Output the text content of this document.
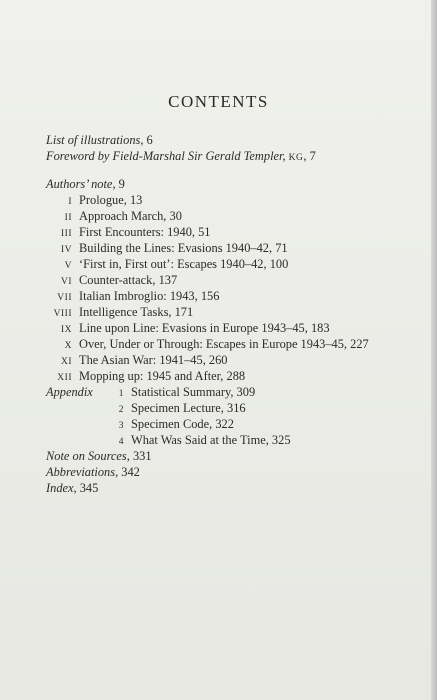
CONTENTS
List of illustrations, 6
Foreword by Field-Marshal Sir Gerald Templer, KG, 7
Authors’ note, 9
I Prologue, 13
II Approach March, 30
III First Encounters: 1940, 51
IV Building the Lines: Evasions 1940–42, 71
V ‘First in, First out’: Escapes 1940–42, 100
VI Counter-attack, 137
VII Italian Imbroglio: 1943, 156
VIII Intelligence Tasks, 171
IX Line upon Line: Evasions in Europe 1943–45, 183
X Over, Under or Through: Escapes in Europe 1943–45, 227
XI The Asian War: 1941–45, 260
XII Mopping up: 1945 and After, 288
Appendix	1 Statistical Summary, 309
2 Specimen Lecture, 316
3 Specimen Code, 322
4 What Was Said at the Time, 325
Note on Sources, 331
Abbreviations, 342
Index, 345
